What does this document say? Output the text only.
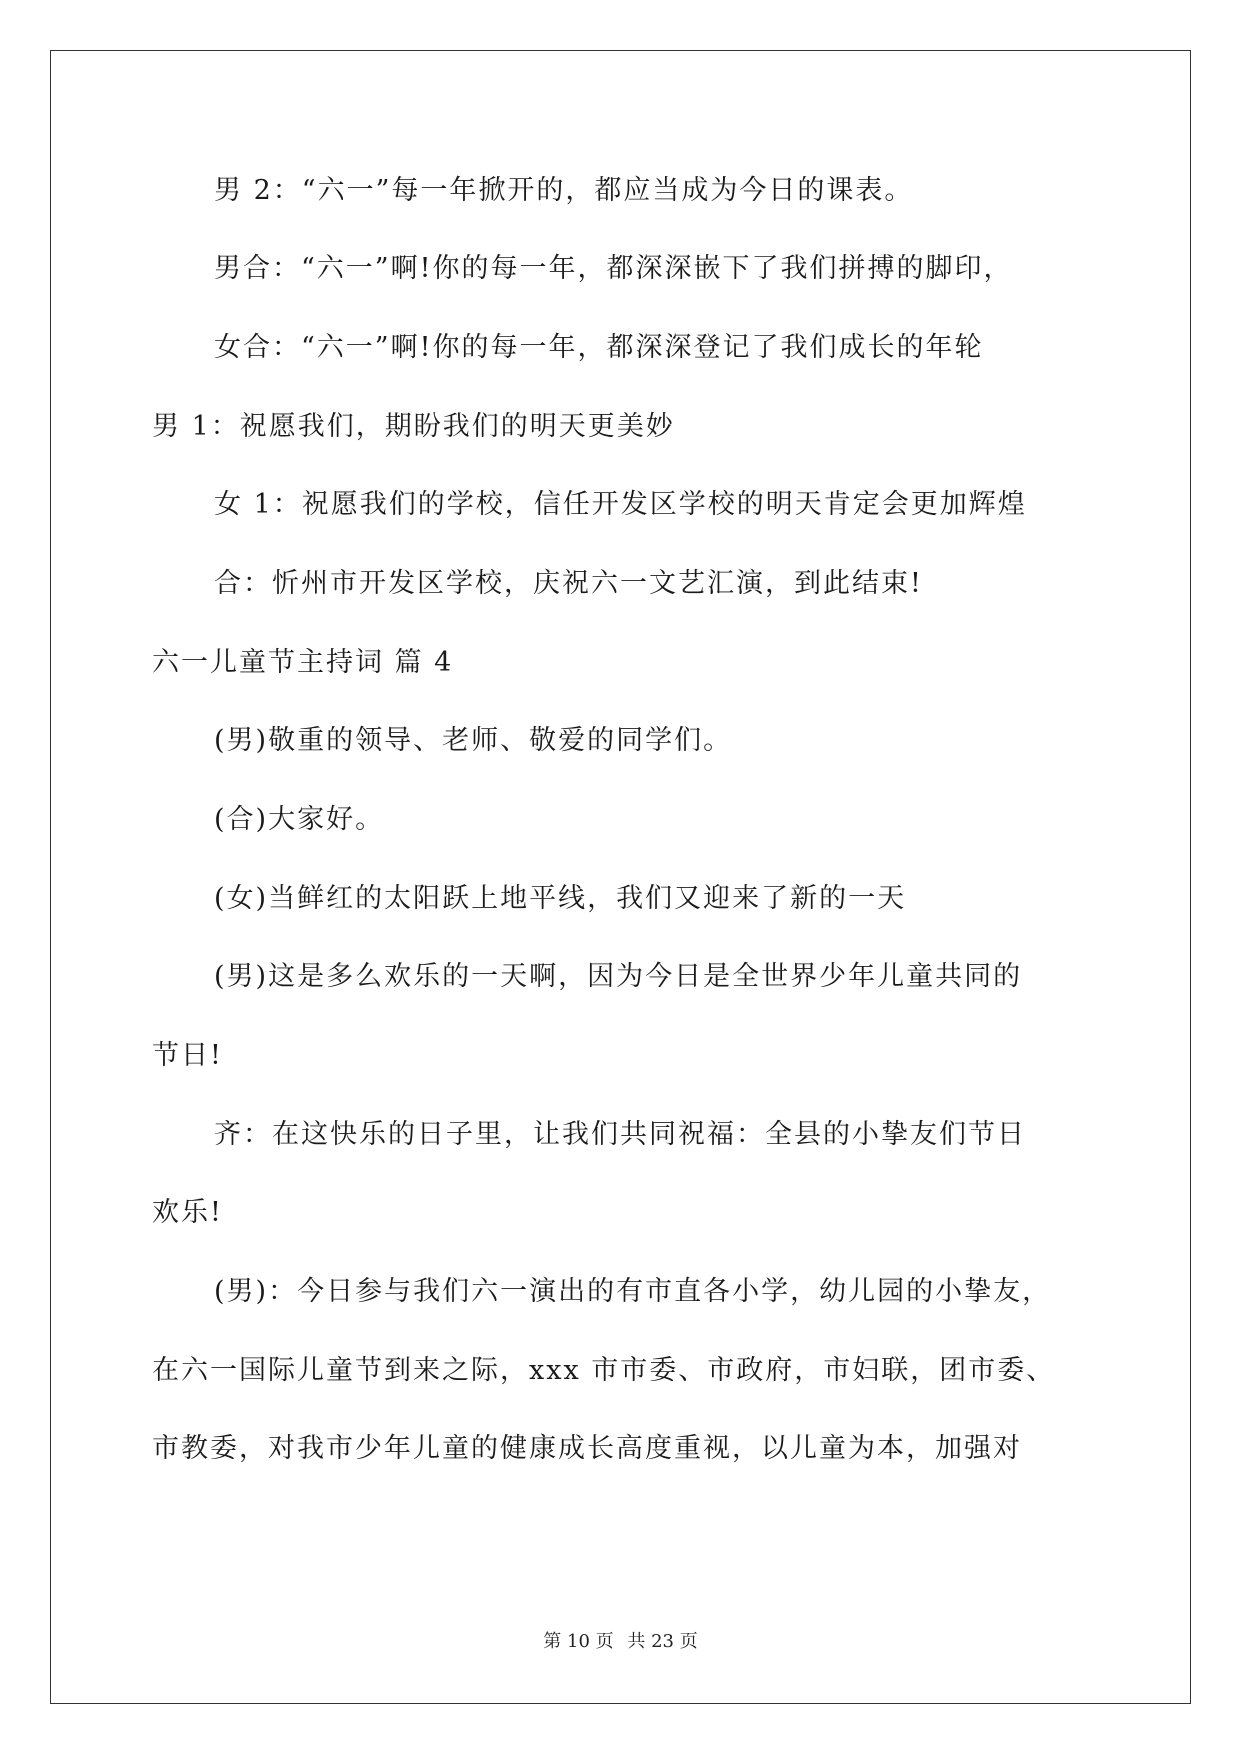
男 2：“六一”每一年掀开的，都应当成为今日的课表。
男合：“六一”啊!你的每一年，都深深嵌下了我们拼搏的脚印，
女合：“六一”啊!你的每一年，都深深登记了我们成长的年轮
男 1：祝愿我们，期盼我们的明天更美妙
女 1：祝愿我们的学校，信任开发区学校的明天肯定会更加辉煌
合：忻州市开发区学校，庆祝六一文艺汇演，到此结束!
六一儿童节主持词 篇 4
(男)敬重的领导、老师、敬爱的同学们。
(合)大家好。
(女)当鲜红的太阳跃上地平线，我们又迎来了新的一天
(男)这是多么欢乐的一天啊，因为今日是全世界少年儿童共同的
节日!
齐：在这快乐的日子里，让我们共同祝福：全县的小挚友们节日
欢乐!
(男)：今日参与我们六一演出的有市直各小学，幼儿园的小挚友，
在六一国际儿童节到来之际，xxx 市市委、市政府，市妇联，团市委、
市教委，对我市少年儿童的健康成长高度重视，以儿童为本，加强对
第 10 页 共 23 页
